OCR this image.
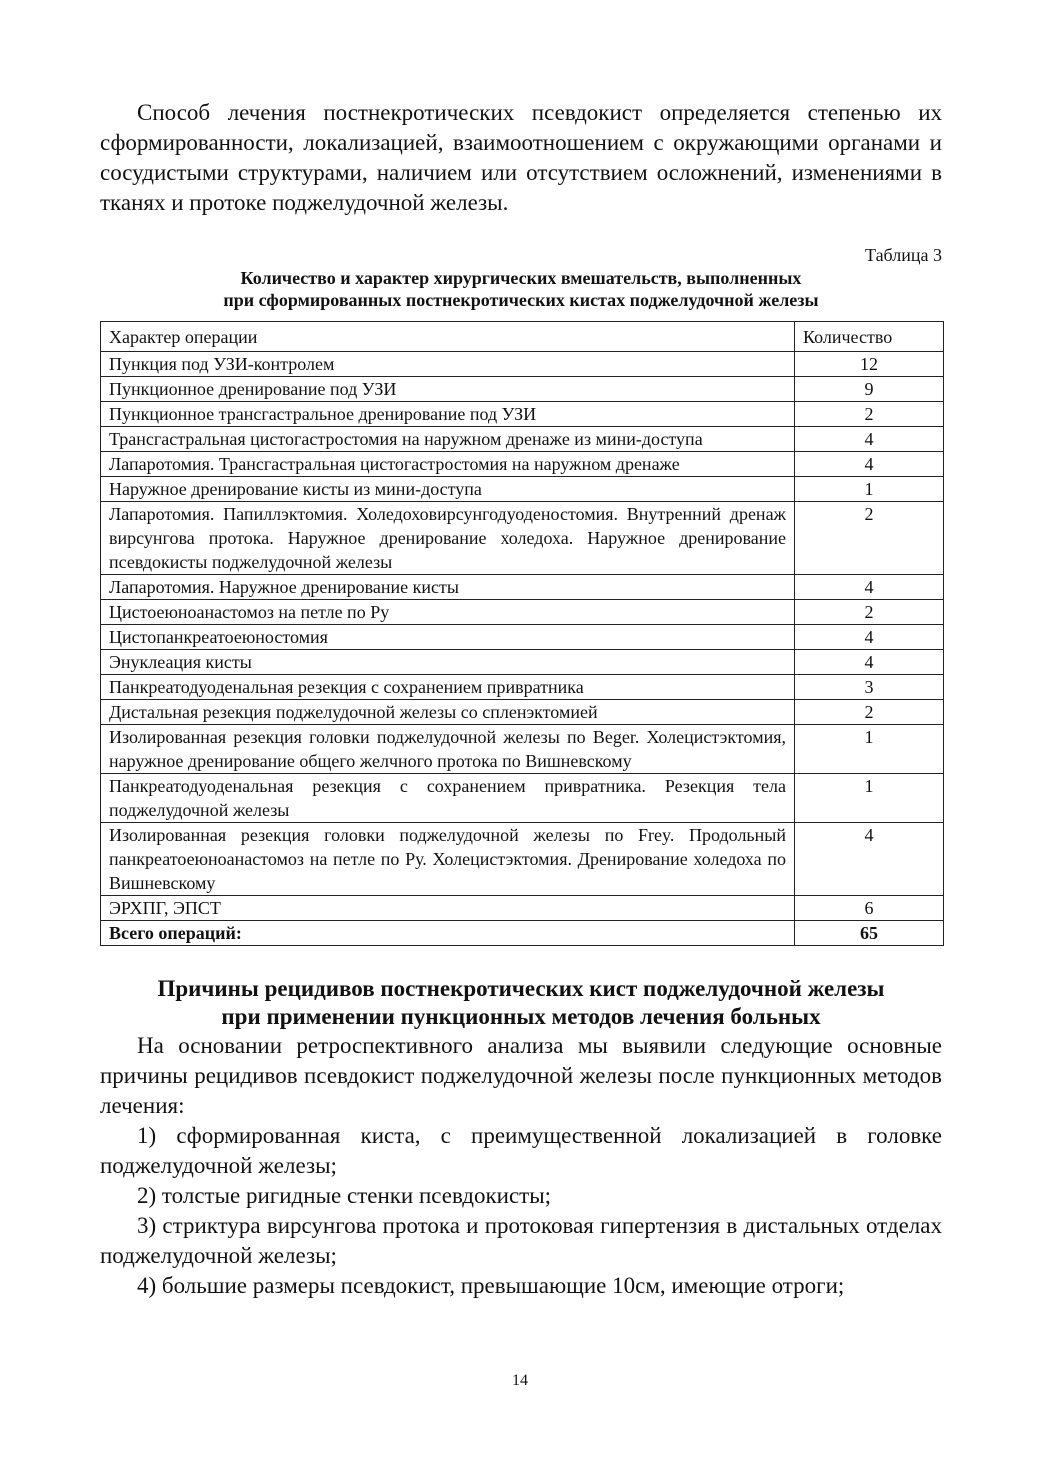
Способ лечения постнекротических псевдокист определяется степенью их сформированности, локализацией, взаимоотношением с окружающими органами и сосудистыми структурами, наличием или отсутствием осложнений, изменениями в тканях и протоке поджелудочной железы.

Таблица 3

Количество и характер хирургических вмешательств, выполненных
при сформированных постнекротических кистах поджелудочной железы
Характер операции	Количество
Пункция под УЗИ-контролем	12
Пункционное дренирование под УЗИ	9
Пункционное трансгастральное дренирование под УЗИ	2
Трансгастральная цистогастростомия на наружном дренаже из мини-доступа	4
Лапаротомия. Трансгастральная цистогастростомия на наружном дренаже	4
Наружное дренирование кисты из мини-доступа	1
Лапаротомия. Папиллэктомия. Холедоховирсунгодуоденостомия. Внутренний дренаж вирсунгова протока. Наружное дренирование холедоха. Наружное дренирование псевдокисты поджелудочной железы	2
Лапаротомия. Наружное дренирование кисты	4
Цистоеюноанастомоз на петле по Ру	2
Цистопанкреатоеюностомия	4
Энуклеация кисты	4
Панкреатодуоденальная резекция с сохранением привратника	3
Дистальная резекция поджелудочной железы со спленэктомией	2
Изолированная резекция головки поджелудочной железы по Beger. Холецистэктомия, наружное дренирование общего желчного протока по Вишневскому	1
Панкреатодуоденальная резекция с сохранением привратника. Резекция тела поджелудочной железы	1
Изолированная резекция головки поджелудочной железы по Frey. Продольный панкреатоеюноанастомоз на петле по Ру. Холецистэктомия. Дренирование холедоха по Вишневскому	4
ЭРХПГ, ЭПСТ	6
Всего операций:	65
Причины рецидивов постнекротических кист поджелудочной железы
при применении пункционных методов лечения больных

На основании ретроспективного анализа мы выявили следующие основные причины рецидивов псевдокист поджелудочной железы после пункционных методов лечения:

1) сформированная киста, с преимущественной локализацией в головке поджелудочной железы;

2) толстые ригидные стенки псевдокисты;

3) стриктура вирсунгова протока и протоковая гипертензия в дистальных отделах поджелудочной железы;

4) большие размеры псевдокист, превышающие 10см, имеющие отроги;

14
